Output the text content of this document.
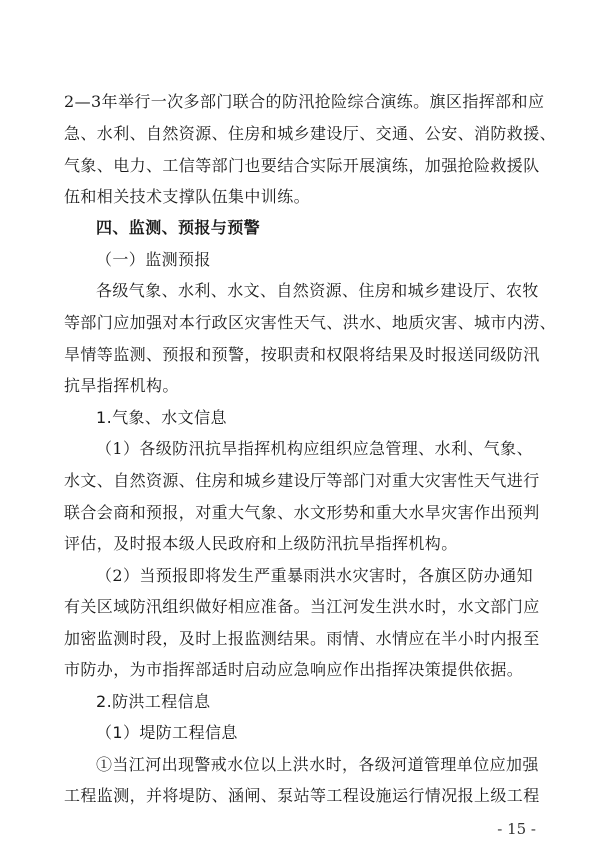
2—3年举行一次多部门联合的防汛抢险综合演练。旗区指挥部和应
急、水利、自然资源、住房和城乡建设厅、交通、公安、消防救援、
气象、电力、工信等部门也要结合实际开展演练，加强抢险救援队
伍和相关技术支撑队伍集中训练。
四、监测、预报与预警
（一）监测预报
各级气象、水利、水文、自然资源、住房和城乡建设厅、农牧
等部门应加强对本行政区灾害性天气、洪水、地质灾害、城市内涝、
旱情等监测、预报和预警，按职责和权限将结果及时报送同级防汛
抗旱指挥机构。
1.气象、水文信息
（1）各级防汛抗旱指挥机构应组织应急管理、水利、气象、
水文、自然资源、住房和城乡建设厅等部门对重大灾害性天气进行
联合会商和预报，对重大气象、水文形势和重大水旱灾害作出预判
评估，及时报本级人民政府和上级防汛抗旱指挥机构。
（2）当预报即将发生严重暴雨洪水灾害时，各旗区防办通知
有关区域防汛组织做好相应准备。当江河发生洪水时，水文部门应
加密监测时段，及时上报监测结果。雨情、水情应在半小时内报至
市防办，为市指挥部适时启动应急响应作出指挥决策提供依据。
2.防洪工程信息
（1）堤防工程信息
①当江河出现警戒水位以上洪水时，各级河道管理单位应加强
工程监测，并将堤防、涵闸、泵站等工程设施运行情况报上级工程
- 15 -
